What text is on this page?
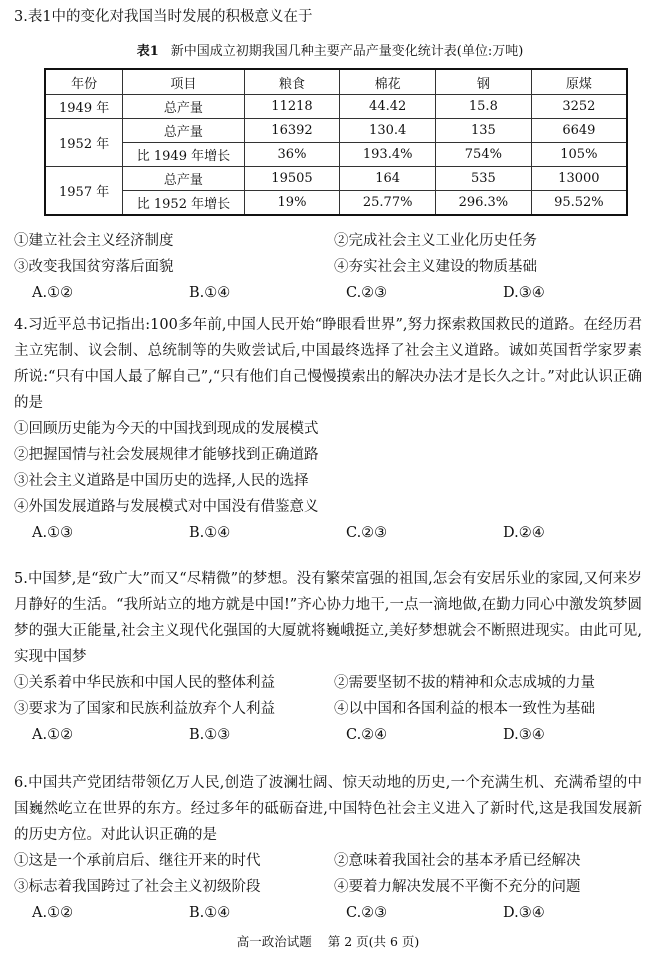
3.表1中的变化对我国当时发展的积极意义在于

表1 新中国成立初期我国几种主要产品产量变化统计表(单位:万吨)
年份	项目	粮食	棉花	钢	原煤
1949 年	总产量	11218	44.42	15.8	3252
1952 年	总产量	16392	130.4	135	6649
	比 1949 年增长	36%	193.4%	754%	105%
1957 年	总产量	19505	164	535	13000
	比 1952 年增长	19%	25.77%	296.3%	95.52%
①建立社会主义经济制度	②完成社会主义工业化历史任务
③改变我国贫穷落后面貌	④夯实社会主义建设的物质基础
A.①②	B.①④	C.②③	D.③④

4.习近平总书记指出:100多年前,中国人民开始“睁眼看世界”,努力探索救国救民的道路。在经历君主立宪制、议会制、总统制等的失败尝试后,中国最终选择了社会主义道路。诚如英国哲学家罗素所说:“只有中国人最了解自己”,“只有他们自己慢慢摸索出的解决办法才是长久之计。”对此认识正确的是

①回顾历史能为今天的中国找到现成的发展模式
②把握国情与社会发展规律才能够找到正确道路
③社会主义道路是中国历史的选择,人民的选择
④外国发展道路与发展模式对中国没有借鉴意义
A.①③	B.①④	C.②③	D.②④

5.中国梦,是“致广大”而又“尽精微”的梦想。没有繁荣富强的祖国,怎会有安居乐业的家园,又何来岁月静好的生活。“我所站立的地方就是中国!”齐心协力地干,一点一滴地做,在勤力同心中激发筑梦圆梦的强大正能量,社会主义现代化强国的大厦就将巍峨挺立,美好梦想就会不断照进现实。由此可见,实现中国梦

①关系着中华民族和中国人民的整体利益	②需要坚韧不拔的精神和众志成城的力量
③要求为了国家和民族利益放弃个人利益	④以中国和各国利益的根本一致性为基础
A.①②	B.①③	C.②④	D.③④

6.中国共产党团结带领亿万人民,创造了波澜壮阔、惊天动地的历史,一个充满生机、充满希望的中国巍然屹立在世界的东方。经过多年的砥砺奋进,中国特色社会主义进入了新时代,这是我国发展新的历史方位。对此认识正确的是

①这是一个承前启后、继往开来的时代	②意味着我国社会的基本矛盾已经解决
③标志着我国跨过了社会主义初级阶段	④要着力解决发展不平衡不充分的问题
A.①②	B.①④	C.②③	D.③④
高一政治试题 第 2 页(共 6 页)
